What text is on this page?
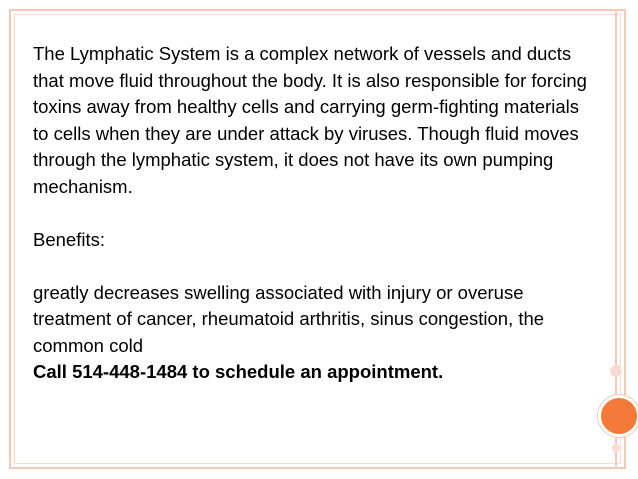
The Lymphatic System is a complex network of vessels and ducts that move fluid throughout the body. It is also responsible for forcing toxins away from healthy cells and carrying germ-fighting materials to cells when they are under attack by viruses. Though fluid moves through the lymphatic system, it does not have its own pumping mechanism.

Benefits:

greatly decreases swelling associated with injury or overuse

treatment of cancer, rheumatoid arthritis, sinus congestion, the common cold

Call 514-448-1484 to schedule an appointment.
